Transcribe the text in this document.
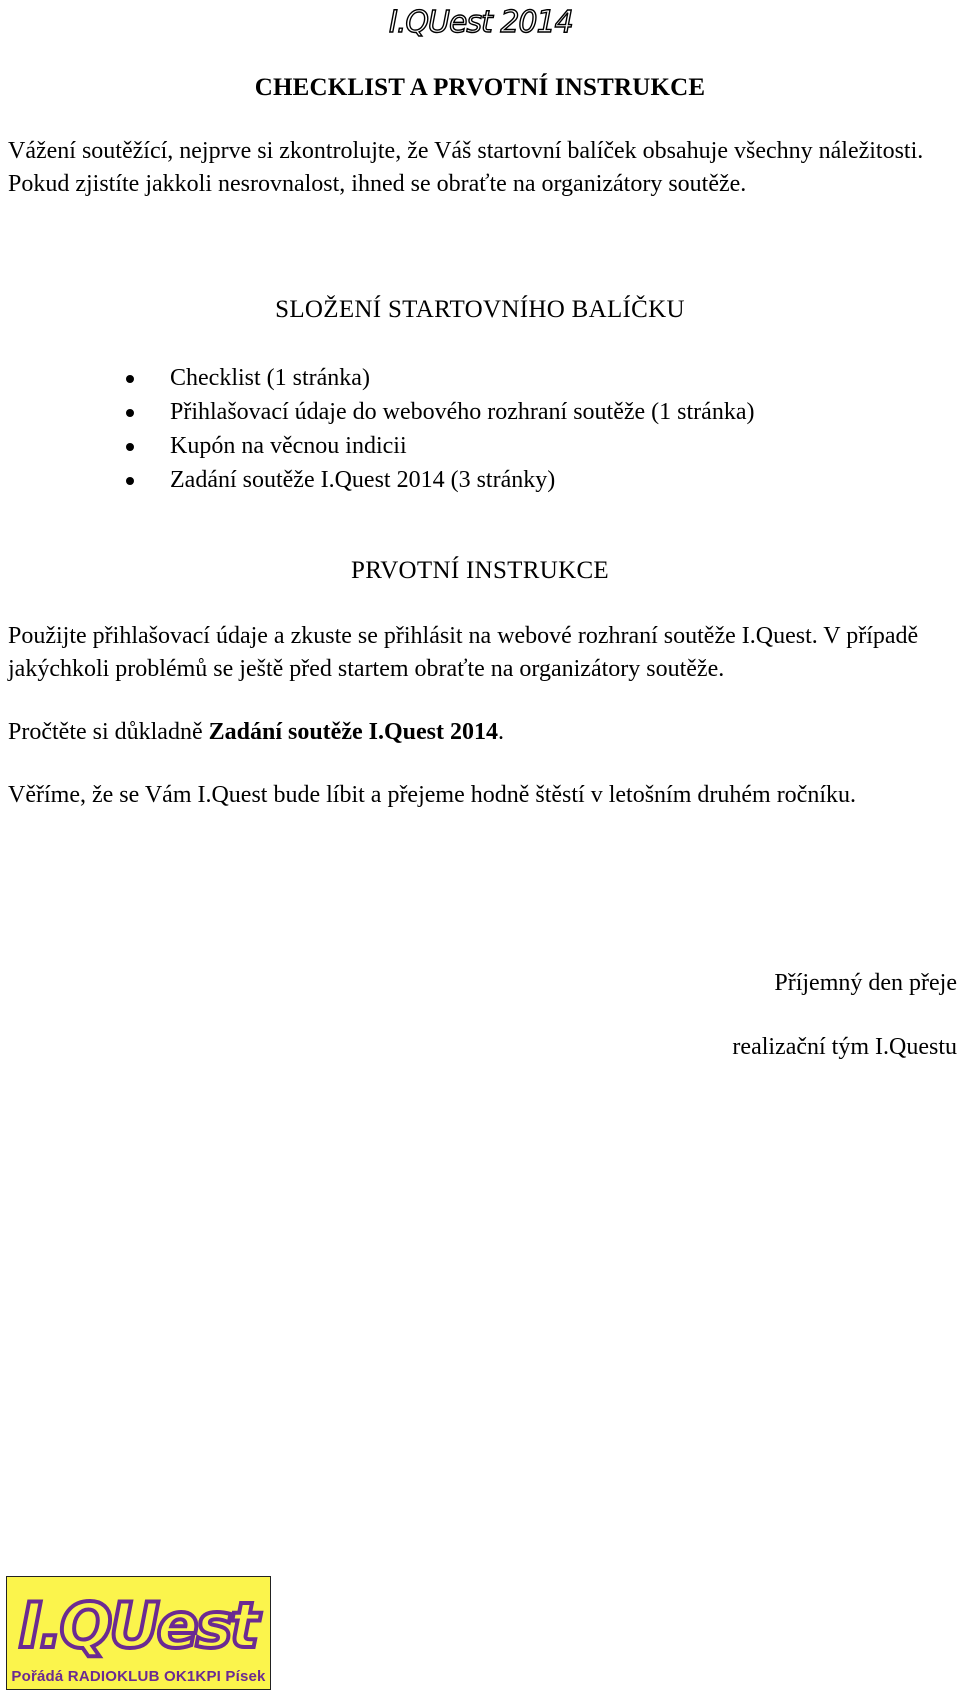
I.QUest 2014
CHECKLIST A PRVOTNÍ INSTRUKCE
Vážení soutěžící, nejprve si zkontrolujte, že Váš startovní balíček obsahuje všechny náležitosti. Pokud zjistíte jakkoli nesrovnalost, ihned se obraťte na organizátory soutěže.
SLOŽENÍ STARTOVNÍHO BALÍČKU
Checklist (1 stránka)
Přihlašovací údaje do webového rozhraní soutěže (1 stránka)
Kupón na věcnou indicii
Zadání soutěže I.Quest 2014 (3 stránky)
PRVOTNÍ INSTRUKCE
Použijte přihlašovací údaje a zkuste se přihlásit na webové rozhraní soutěže I.Quest. V případě jakýchkoli problémů se ještě před startem obraťte na organizátory soutěže.
Pročtěte si důkladně Zadání soutěže I.Quest 2014.
Věříme, že se Vám I.Quest bude líbit a přejeme hodně štěstí v letošním druhém ročníku.
Příjemný den přeje
realizační tým I.Questu
I.QUest
Pořádá RADIOKLUB OK1KPI Písek
